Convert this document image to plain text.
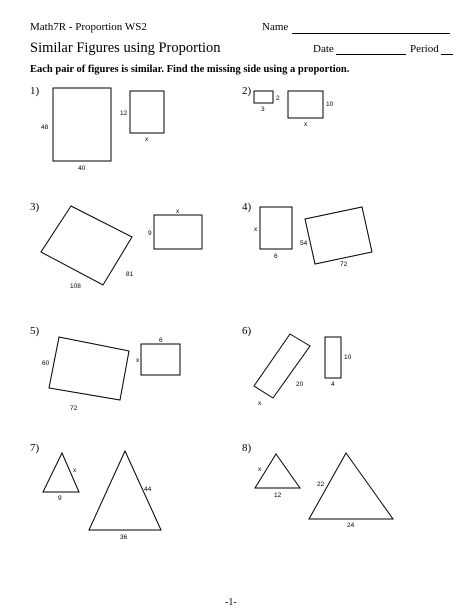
Math7R - Proportion WS2	Name
Similar Figures using Proportion	Date	Period
Each pair of figures is similar. Find the missing side using a proportion.
1)
48
40
12
x
2)
2
3
10
x
3)
81
108
x
9
4)
x
6
54
72
5)
60
72
6
x
6)
20
x
10
4
7)
x
9
44
36
8)
x
12
22
24
-1-
